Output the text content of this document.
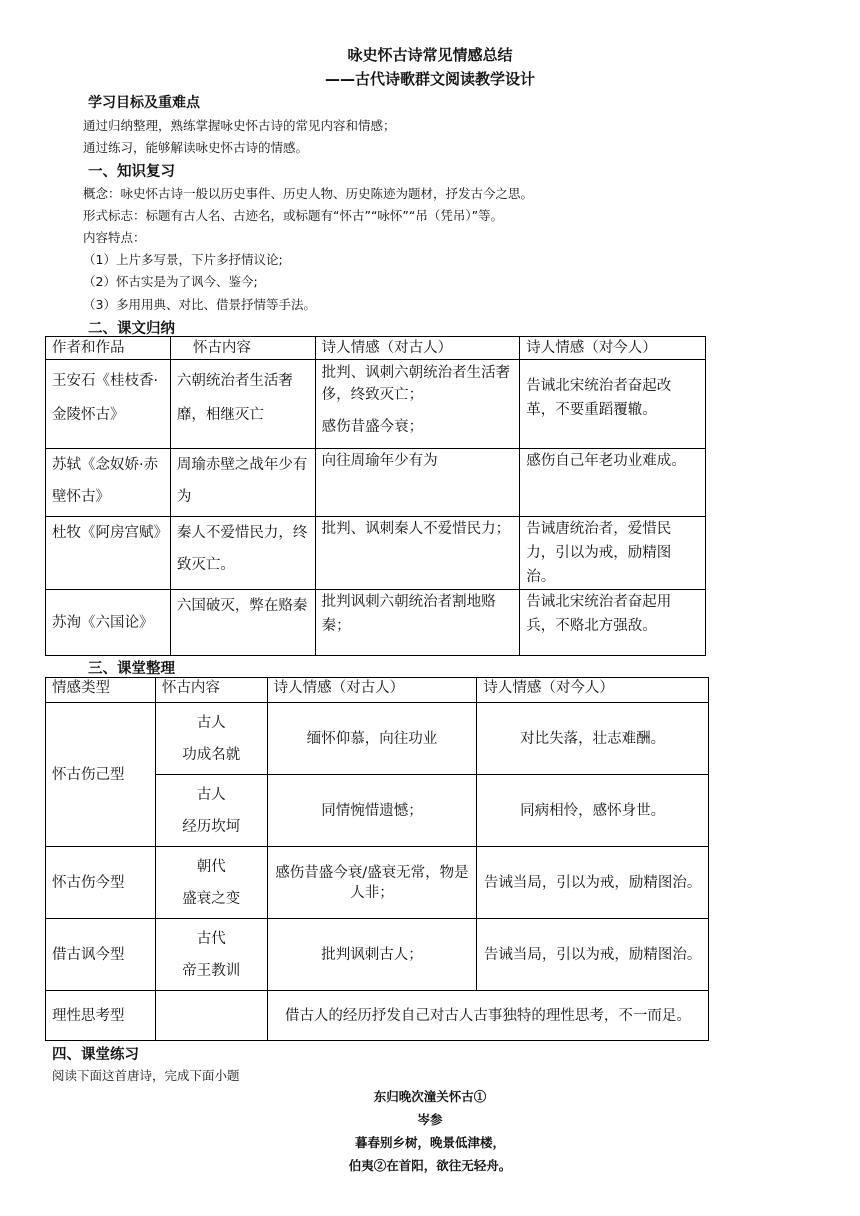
咏史怀古诗常见情感总结
——古代诗歌群文阅读教学设计
学习目标及重难点
通过归纳整理，熟练掌握咏史怀古诗的常见内容和情感；
通过练习，能够解读咏史怀古诗的情感。
一、知识复习
概念：咏史怀古诗一般以历史事件、历史人物、历史陈迹为题材，抒发古今之思。
形式标志：标题有古人名、古迹名，或标题有“怀古”“咏怀”“吊（凭吊）”等。
内容特点：
（1）上片多写景，下片多抒情议论;
（2）怀古实是为了讽今、鉴今;
（3）多用用典、对比、借景抒情等手法。
二、课文归纳
作者和作品	怀古内容	诗人情感（对古人）	诗人情感（对今人）
王安石《桂枝香·金陵怀古》	六朝统治者生活奢靡，相继灭亡	批判、讽刺六朝统治者生活奢侈，终致灭亡；
感伤昔盛今衰；	告诫北宋统治者奋起改革，不要重蹈覆辙。
苏轼《念奴娇·赤壁怀古》	周瑜赤壁之战年少有为	向往周瑜年少有为	感伤自己年老功业难成。
杜牧《阿房宫赋》	秦人不爱惜民力，终致灭亡。	批判、讽刺秦人不爱惜民力；	告诫唐统治者，爱惜民力，引以为戒，励精图治。
苏洵《六国论》	六国破灭，弊在赂秦	批判讽刺六朝统治者割地赂秦；	告诫北宋统治者奋起用兵，不赂北方强敌。
三、课堂整理
情感类型	怀古内容	诗人情感（对古人）	诗人情感（对今人）
怀古伤己型	古人
功成名就	缅怀仰慕，向往功业	对比失落，壮志难酬。

	古人
经历坎坷	同情惋惜遗憾；	同病相怜，感怀身世。
怀古伤今型	朝代
盛衰之变	感伤昔盛今衰/盛衰无常，物是人非；	告诫当局，引以为戒，励精图治。
借古讽今型	古代
帝王教训	批判讽刺古人；	告诫当局，引以为戒，励精图治。
理性思考型		借古人的经历抒发自己对古人古事独特的理性思考，不一而足。	
四、课堂练习
阅读下面这首唐诗，完成下面小题
东归晚次潼关怀古①
岑参
暮春别乡树，晚景低津楼，
伯夷②在首阳，欲往无轻舟。
